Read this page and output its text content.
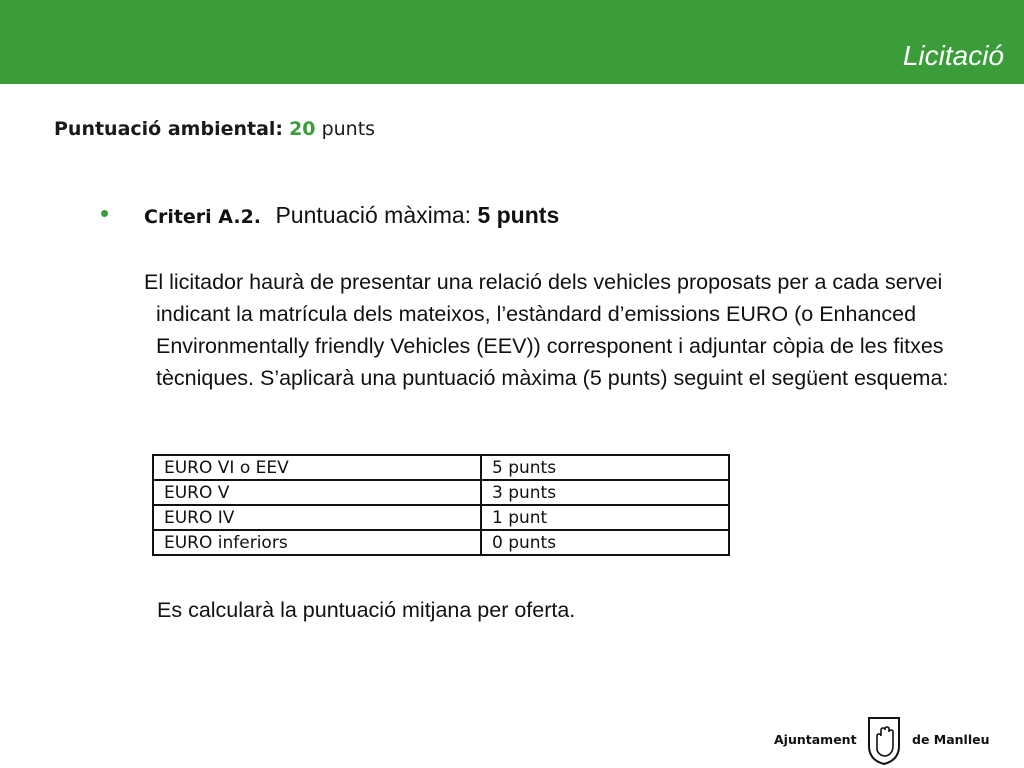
Licitació
Puntuació ambiental: 20 punts
• Criteri A.2. Puntuació màxima: 5 punts
El licitador haurà de presentar una relació dels vehicles proposats per a cada servei indicant la matrícula dels mateixos, l’estàndard d’emissions EURO (o Enhanced Environmentally friendly Vehicles (EEV)) corresponent i adjuntar còpia de les fitxes tècniques. S’aplicarà una puntuació màxima (5 punts) seguint el següent esquema:
EURO VI o EEV	5 punts
EURO V	3 punts
EURO IV	1 punt
EURO inferiors	0 punts
Es calcularà la puntuació mitjana per oferta.
Ajuntament	de Manlleu
